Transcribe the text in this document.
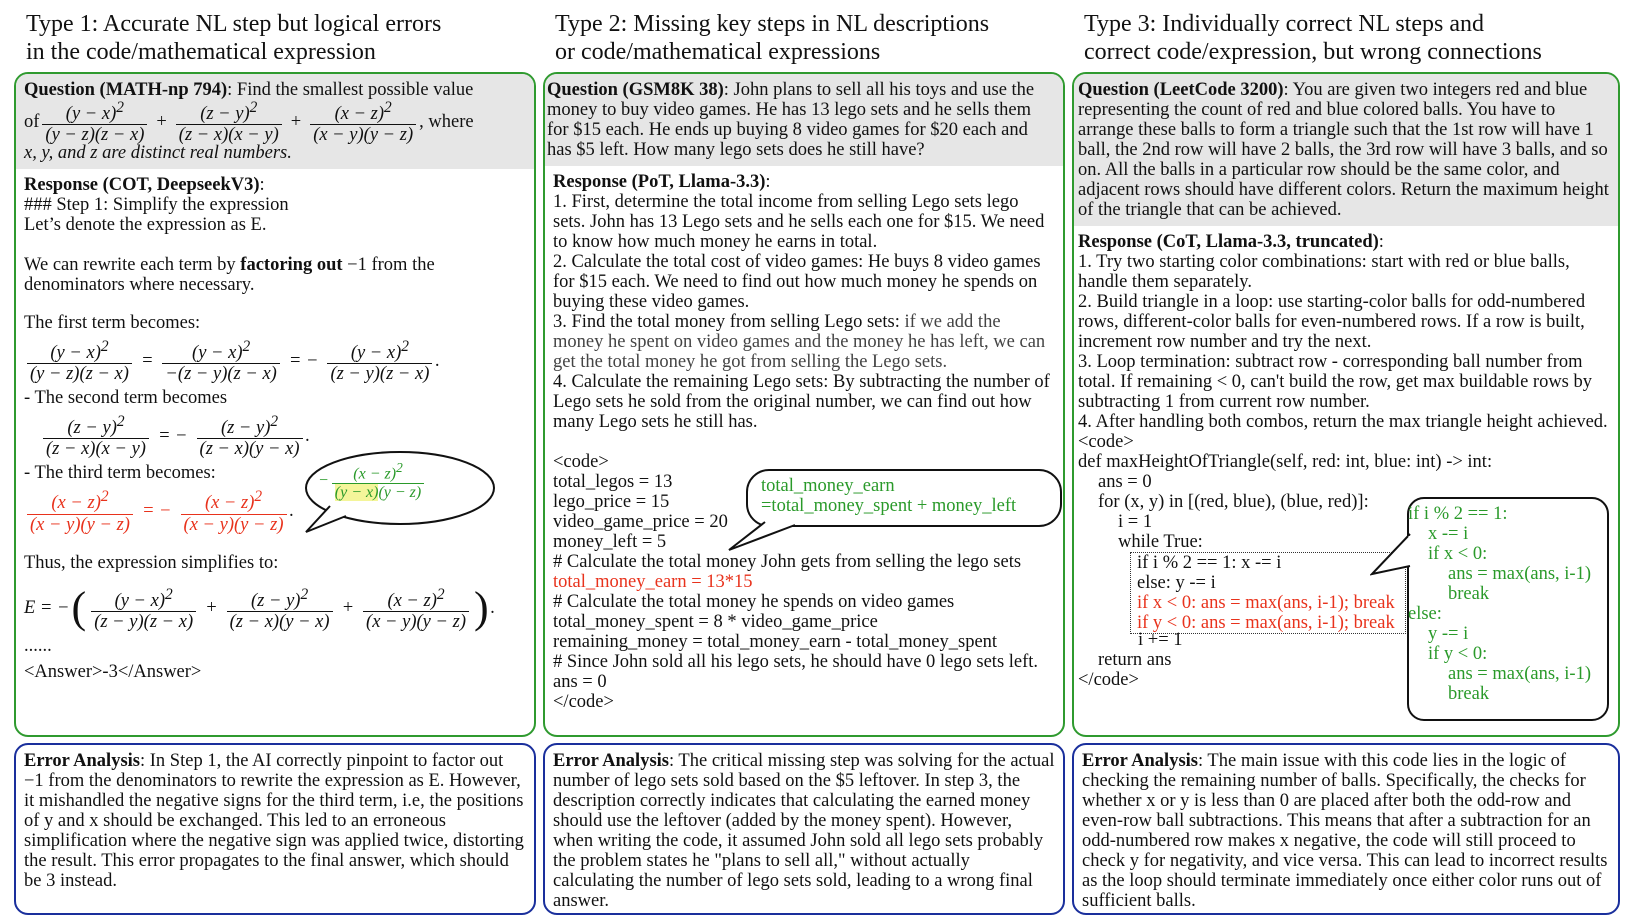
Type 1: Accurate NL step but logical errors
in the code/mathematical expression
Question (MATH-np 794): Find the smallest possible value
of $\frac{(y - x)^2}{(y - z)(z - x)} + \frac{(z - y)^2}{(z - x)(x - y)} + \frac{(x - z)^2}{(x - y)(y - z)}$ , where
x, y, and z are distinct real numbers.
Response (COT, DeepseekV3):
### Step 1: Simplify the expression
Let’s denote the expression as E.
We can rewrite each term by factoring out −1 from the
denominators where necessary.
The first term becomes:
$\frac{(y - x)^2}{(y - z)(z - x)} = \frac{(y - x)^2}{-(z - y)(z - x)}$ = − $\frac{(y - x)^2}{(z - y)(z - x)}$ .
- The second term becomes
$\frac{(z - y)^2}{(z - x)(x - y)}$ = − $\frac{(z - y)^2}{(z - x)(y - x)}$ .
- The third term becomes:
$\frac{(x - z)^2}{(x - y)(y - z)}$ = − $\frac{(x - z)^2}{(x - y)(y - z)}$ .
Thus, the expression simplifies to:
E = − ( $\frac{(y - x)^2}{(z - y)(z - x)} + \frac{(z - y)^2}{(z - x)(y - x)} + \frac{(x - z)^2}{(x - y)(y - z)}$ ) .
......
<Answer>-3</Answer>
− $\frac{(x - z)^2}{(y - x)(y - z)}$
Error Analysis: In Step 1, the AI correctly pinpoint to factor out −1 from the denominators to rewrite the expression as E. However, it mishandled the negative signs for the third term, i.e, the positions of y and x should be exchanged. This led to an erroneous simplification where the negative sign was applied twice, distorting the result. This error propagates to the final answer, which should be 3 instead.
Type 2: Missing key steps in NL descriptions
or code/mathematical expressions
Question (GSM8K 38): John plans to sell all his toys and use the money to buy video games. He has 13 lego sets and he sells them for $15 each. He ends up buying 8 video games for $20 each and has $5 left. How many lego sets does he still have?
Response (PoT, Llama-3.3):
1. First, determine the total income from selling Lego sets lego sets. John has 13 Lego sets and he sells each one for $15. We need to know how much money he earns in total.
2. Calculate the total cost of video games: He buys 8 video games for $15 each. We need to find out how much money he spends on buying these video games.
3. Find the total money from selling Lego sets: if we add the money he spent on video games and the money he has left, we can get the total money he got from selling the Lego sets.
4. Calculate the remaining Lego sets: By subtracting the number of Lego sets he sold from the original number, we can find out how many Lego sets he still has.
<code>
total_legos = 13
lego_price = 15
video_game_price = 20
money_left = 5
# Calculate the total money John gets from selling the lego sets
total_money_earn = 13*15
# Calculate the total money he spends on video games
total_money_spent = 8 * video_game_price
remaining_money = total_money_earn - total_money_spent
# Since John sold all his lego sets, he should have 0 lego sets left.
ans = 0
</code>
total_money_earn
=total_money_spent + money_left
Error Analysis: The critical missing step was solving for the actual number of lego sets sold based on the $5 leftover. In step 3, the description correctly indicates that calculating the earned money should use the leftover (added by the money spent). However, when writing the code, it assumed John sold all lego sets probably the problem states he "plans to sell all," without actually calculating the number of lego sets sold, leading to a wrong final answer.
Type 3: Individually correct NL steps and
correct code/expression, but wrong connections
Question (LeetCode 3200): You are given two integers red and blue representing the count of red and blue colored balls. You have to arrange these balls to form a triangle such that the 1st row will have 1 ball, the 2nd row will have 2 balls, the 3rd row will have 3 balls, and so on. All the balls in a particular row should be the same color, and adjacent rows should have different colors. Return the maximum height of the triangle that can be achieved.
Response (CoT, Llama-3.3, truncated):
1. Try two starting color combinations: start with red or blue balls, handle them separately.
2. Build triangle in a loop: use starting-color balls for odd-numbered rows, different-color balls for even-numbered rows. If a row is built, increment row number and try the next.
3. Loop termination: subtract row - corresponding ball number from total. If remaining < 0, can't build the row, get max buildable rows by subtracting 1 from current row number.
4. After handling both combos, return the max triangle height achieved.
<code>
def maxHeightOfTriangle(self, red: int, blue: int) -> int:
ans = 0
for (x, y) in [(red, blue), (blue, red)]:
i = 1
while True:
if i % 2 == 1: x -= i
else: y -= i
if x < 0: ans = max(ans, i-1); break
if y < 0: ans = max(ans, i-1); break
i += 1
return ans
</code>
if i % 2 == 1:
x -= i
if x < 0:
ans = max(ans, i-1)
break
else:
y -= i
if y < 0:
ans = max(ans, i-1)
break
Error Analysis: The main issue with this code lies in the logic of checking the remaining number of balls. Specifically, the checks for whether x or y is less than 0 are placed after both the odd-row and even-row ball subtractions. This means that after a subtraction for an odd-numbered row makes x negative, the code will still proceed to check y for negativity, and vice versa. This can lead to incorrect results as the loop should terminate immediately once either color runs out of sufficient balls.
